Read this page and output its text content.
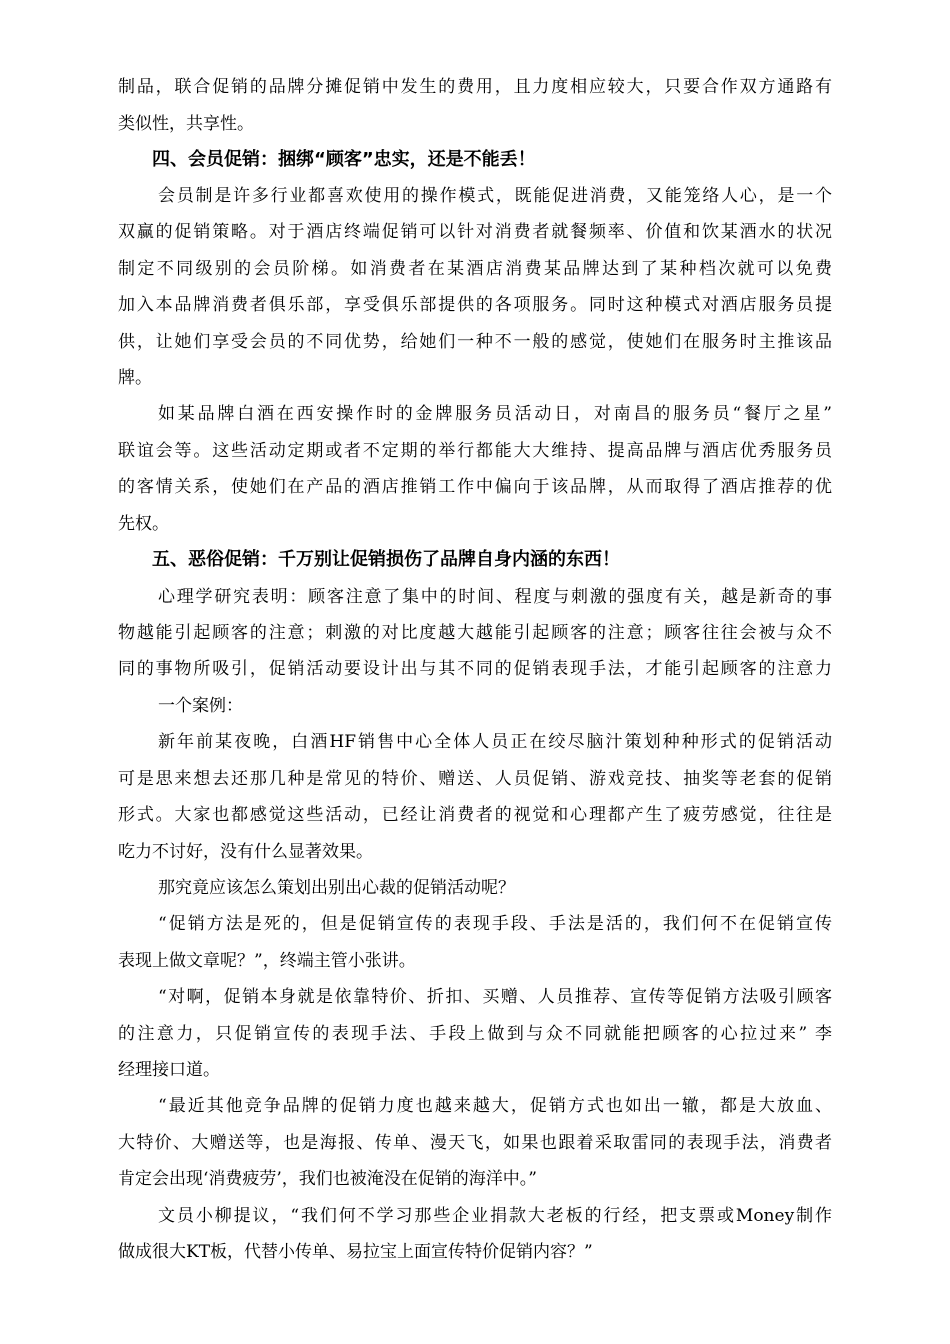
制品，联合促销的品牌分摊促销中发生的费用，且力度相应较大，只要合作双方通路有
类似性，共享性。
四、会员促销：捆绑“顾客”忠实，还是不能丢！
会员制是许多行业都喜欢使用的操作模式，既能促进消费，又能笼络人心，是一个
双赢的促销策略。对于酒店终端促销可以针对消费者就餐频率、价值和饮某酒水的状况
制定不同级别的会员阶梯。如消费者在某酒店消费某品牌达到了某种档次就可以免费
加入本品牌消费者俱乐部，享受俱乐部提供的各项服务。同时这种模式对酒店服务员提
供，让她们享受会员的不同优势，给她们一种不一般的感觉，使她们在服务时主推该品
牌。
如某品牌白酒在西安操作时的金牌服务员活动日，对南昌的服务员“餐厅之星”
联谊会等。这些活动定期或者不定期的举行都能大大维持、提高品牌与酒店优秀服务员
的客情关系，使她们在产品的酒店推销工作中偏向于该品牌，从而取得了酒店推荐的优
先权。
五、恶俗促销：千万别让促销损伤了品牌自身内涵的东西！
心理学研究表明：顾客注意了集中的时间、程度与刺激的强度有关，越是新奇的事
物越能引起顾客的注意；刺激的对比度越大越能引起顾客的注意；顾客往往会被与众不
同的事物所吸引，促销活动要设计出与其不同的促销表现手法，才能引起顾客的注意力
一个案例：
新年前某夜晚，白酒HF销售中心全体人员正在绞尽脑汁策划种种形式的促销活动
可是思来想去还那几种是常见的特价、赠送、人员促销、游戏竞技、抽奖等老套的促销
形式。大家也都感觉这些活动，已经让消费者的视觉和心理都产生了疲劳感觉，往往是
吃力不讨好，没有什么显著效果。
那究竟应该怎么策划出别出心裁的促销活动呢？
“促销方法是死的，但是促销宣传的表现手段、手法是活的，我们何不在促销宣传
表现上做文章呢？”，终端主管小张讲。
“对啊，促销本身就是依靠特价、折扣、买赠、人员推荐、宣传等促销方法吸引顾客
的注意力，只促销宣传的表现手法、手段上做到与众不同就能把顾客的心拉过来” 李
经理接口道。
“最近其他竞争品牌的促销力度也越来越大，促销方式也如出一辙，都是大放血、
大特价、大赠送等，也是海报、传单、漫天飞，如果也跟着采取雷同的表现手法，消费者
肯定会出现‘消费疲劳’，我们也被淹没在促销的海洋中。”
文员小柳提议，“我们何不学习那些企业捐款大老板的行经，把支票或Money制作
做成很大KT板，代替小传单、易拉宝上面宣传特价促销内容？”
